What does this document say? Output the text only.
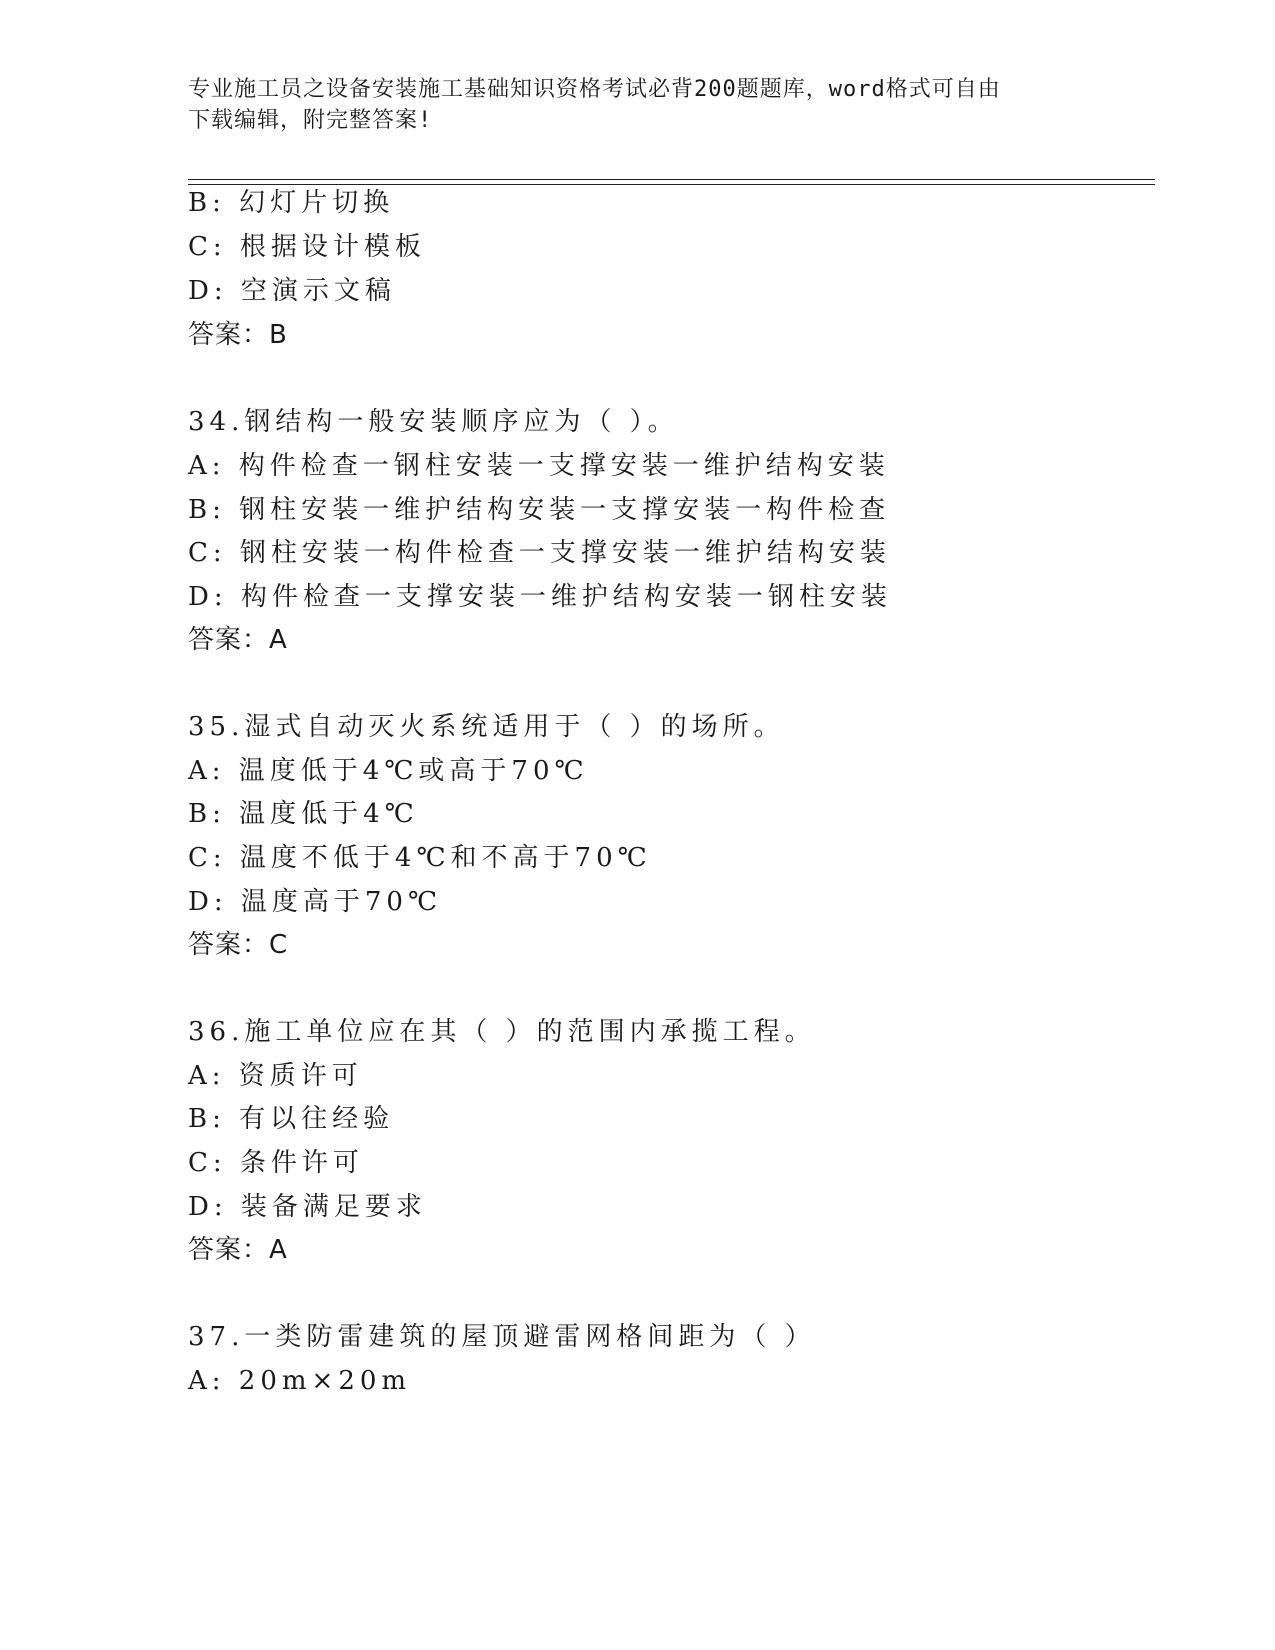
专业施工员之设备安装施工基础知识资格考试必背200题题库，word格式可自由
下载编辑，附完整答案!
B: 幻灯片切换
C: 根据设计模板
D: 空演示文稿
答案：B
34.钢结构一般安装顺序应为（ ）。
A: 构件检查一钢柱安装一支撑安装一维护结构安装
B: 钢柱安装一维护结构安装一支撑安装一构件检查
C: 钢柱安装一构件检查一支撑安装一维护结构安装
D: 构件检查一支撑安装一维护结构安装一钢柱安装
答案：A
35.湿式自动灭火系统适用于（ ）的场所。
A: 温度低于4℃或高于70℃
B: 温度低于4℃
C: 温度不低于4℃和不高于70℃
D: 温度高于70℃
答案：C
36.施工单位应在其（ ）的范围内承揽工程。
A: 资质许可
B: 有以往经验
C: 条件许可
D: 装备满足要求
答案：A
37.一类防雷建筑的屋顶避雷网格间距为（ ）
A: 20m×20m
